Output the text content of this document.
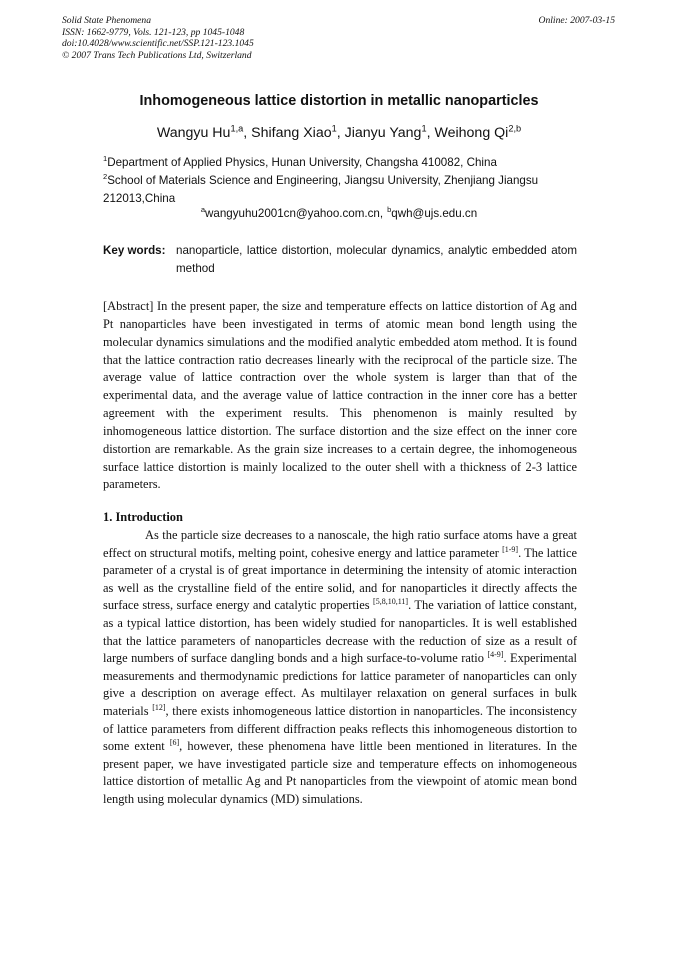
Solid State Phenomena
ISSN: 1662-9779, Vols. 121-123, pp 1045-1048
doi:10.4028/www.scientific.net/SSP.121-123.1045
© 2007 Trans Tech Publications Ltd, Switzerland
Online: 2007-03-15
Inhomogeneous lattice distortion in metallic nanoparticles
Wangyu Hu$^{1,a}$, Shifang Xiao$^1$, Jianyu Yang$^1$, Weihong Qi$^{2,b}$
$^1$Department of Applied Physics, Hunan University, Changsha 410082, China
$^2$School of Materials Science and Engineering, Jiangsu University, Zhenjiang Jiangsu 212013,China
$^a$wangyuhu2001cn@yahoo.com.cn, $^b$qwh@ujs.edu.cn
Key words: nanoparticle, lattice distortion, molecular dynamics, analytic embedded atom method
[Abstract] In the present paper, the size and temperature effects on lattice distortion of Ag and Pt nanoparticles have been investigated in terms of atomic mean bond length using the molecular dynamics simulations and the modified analytic embedded atom method. It is found that the lattice contraction ratio decreases linearly with the reciprocal of the particle size. The average value of lattice contraction over the whole system is larger than that of the experimental data, and the average value of lattice contraction in the inner core has a better agreement with the experiment results. This phenomenon is mainly resulted by inhomogeneous lattice distortion. The surface distortion and the size effect on the inner core distortion are remarkable. As the grain size increases to a certain degree, the inhomogeneous surface lattice distortion is mainly localized to the outer shell with a thickness of 2-3 lattice parameters.
1. Introduction
As the particle size decreases to a nanoscale, the high ratio surface atoms have a great effect on structural motifs, melting point, cohesive energy and lattice parameter [1-9]. The lattice parameter of a crystal is of great importance in determining the intensity of atomic interaction as well as the crystalline field of the entire solid, and for nanoparticles it directly affects the surface stress, surface energy and catalytic properties [5,8,10,11]. The variation of lattice constant, as a typical lattice distortion, has been widely studied for nanoparticles. It is well established that the lattice parameters of nanoparticles decrease with the reduction of size as a result of large numbers of surface dangling bonds and a high surface-to-volume ratio [4-9]. Experimental measurements and thermodynamic predictions for lattice parameter of nanoparticles can only give a description on average effect. As multilayer relaxation on general surfaces in bulk materials [12], there exists inhomogeneous lattice distortion in nanoparticles. The inconsistency of lattice parameters from different diffraction peaks reflects this inhomogeneous distortion to some extent [6], however, these phenomena have little been mentioned in literatures. In the present paper, we have investigated particle size and temperature effects on inhomogeneous lattice distortion of metallic Ag and Pt nanoparticles from the viewpoint of atomic mean bond length using molecular dynamics (MD) simulations.
